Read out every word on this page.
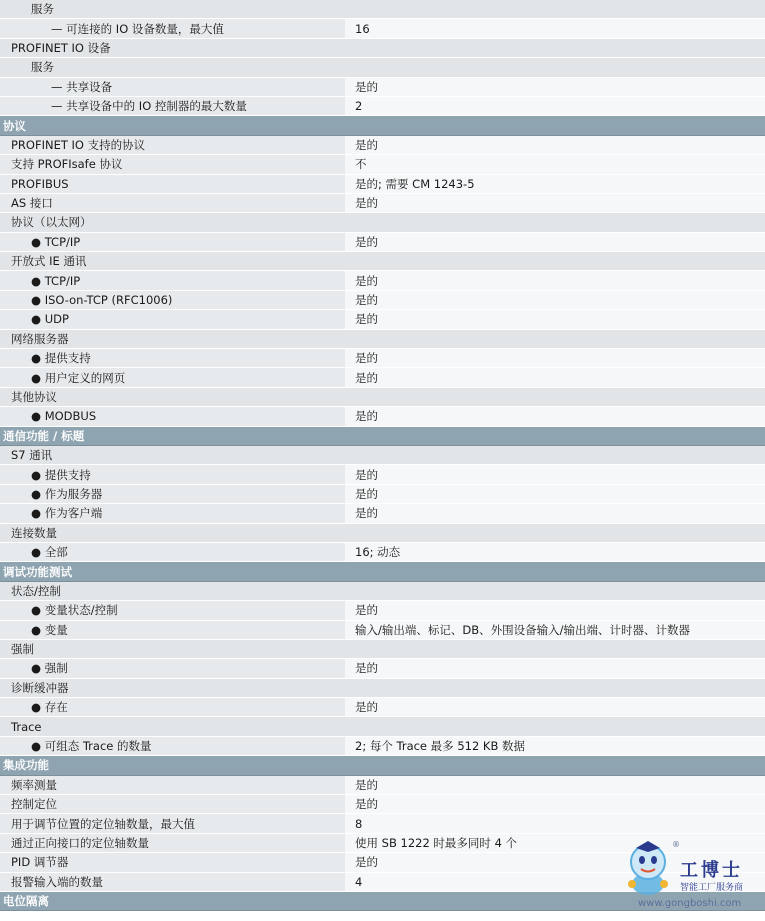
服务
— 可连接的 IO 设备数量，最大值	16
PROFINET IO 设备
服务
— 共享设备	是的
— 共享设备中的 IO 控制器的最大数量	2
协议
PROFINET IO 支持的协议	是的
支持 PROFIsafe 协议	不
PROFIBUS	是的; 需要 CM 1243-5
AS 接口	是的
协议（以太网）
● TCP/IP	是的
开放式 IE 通讯
● TCP/IP	是的
● ISO-on-TCP (RFC1006)	是的
● UDP	是的
网络服务器
● 提供支持	是的
● 用户定义的网页	是的
其他协议
● MODBUS	是的
通信功能 / 标题
S7 通讯
● 提供支持	是的
● 作为服务器	是的
● 作为客户端	是的
连接数量
● 全部	16; 动态
调试功能测试
状态/控制
● 变量状态/控制	是的
● 变量	输入/输出端、标记、DB、外围设备输入/输出端、计时器、计数器
强制
● 强制	是的
诊断缓冲器
● 存在	是的
Trace
● 可组态 Trace 的数量	2; 每个 Trace 最多 512 KB 数据
集成功能
频率测量	是的
控制定位	是的
用于调节位置的定位轴数量，最大值	8
通过正向接口的定位轴数量	使用 SB 1222 时最多同时 4 个
PID 调节器	是的
报警输入端的数量	4
电位隔离
®
工博士
智能工厂服务商
www.gongboshi.com
